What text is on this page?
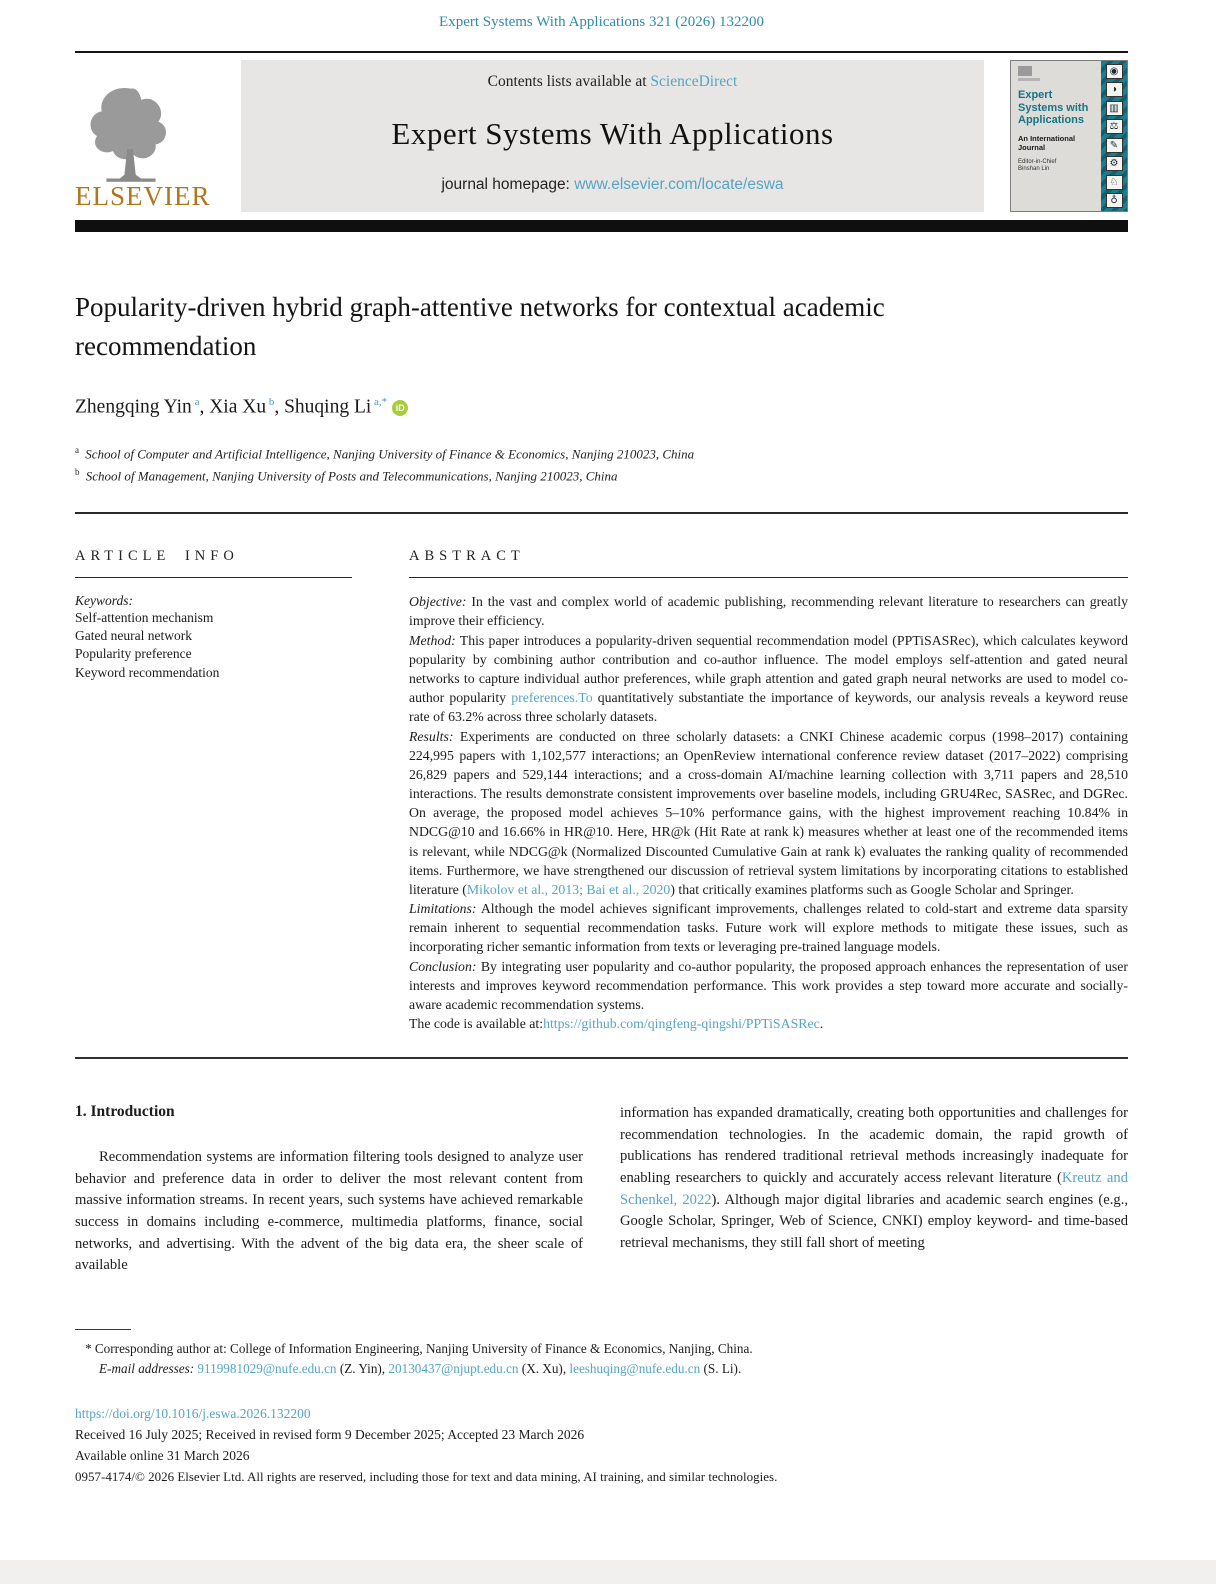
Expert Systems With Applications 321 (2026) 132200
ELSEVIER
Contents lists available at ScienceDirect
Expert Systems With Applications
journal homepage: www.elsevier.com/locate/eswa
Expert Systems with Applications
An International Journal
Editor-in-Chief
Binshan Lin
◉
◑
▥
⚖
✎
⚙
♘
♁
Popularity-driven hybrid graph-attentive networks for contextual academic recommendation
Zhengqing Yin $^a$, Xia Xu $^b$, Shuqing Li $^{a,*}$ iD
$^a$ School of Computer and Artificial Intelligence, Nanjing University of Finance & Economics, Nanjing 210023, China
$^b$ School of Management, Nanjing University of Posts and Telecommunications, Nanjing 210023, China
ARTICLE INFO
Keywords:
Self-attention mechanism
Gated neural network
Popularity preference
Keyword recommendation
ABSTRACT
Objective: In the vast and complex world of academic publishing, recommending relevant literature to researchers can greatly improve their efficiency.
Method: This paper introduces a popularity-driven sequential recommendation model (PPTiSASRec), which calculates keyword popularity by combining author contribution and co-author influence. The model employs self-attention and gated neural networks to capture individual author preferences, while graph attention and gated graph neural networks are used to model co-author popularity preferences.To quantitatively substantiate the importance of keywords, our analysis reveals a keyword reuse rate of 63.2% across three scholarly datasets.
Results: Experiments are conducted on three scholarly datasets: a CNKI Chinese academic corpus (1998–2017) containing 224,995 papers with 1,102,577 interactions; an OpenReview international conference review dataset (2017–2022) comprising 26,829 papers and 529,144 interactions; and a cross-domain AI/machine learning collection with 3,711 papers and 28,510 interactions. The results demonstrate consistent improvements over baseline models, including GRU4Rec, SASRec, and DGRec. On average, the proposed model achieves 5–10% performance gains, with the highest improvement reaching 10.84% in NDCG@10 and 16.66% in HR@10. Here, HR@k (Hit Rate at rank k) measures whether at least one of the recommended items is relevant, while NDCG@k (Normalized Discounted Cumulative Gain at rank k) evaluates the ranking quality of recommended items. Furthermore, we have strengthened our discussion of retrieval system limitations by incorporating citations to established literature (Mikolov et al., 2013; Bai et al., 2020) that critically examines platforms such as Google Scholar and Springer.
Limitations: Although the model achieves significant improvements, challenges related to cold-start and extreme data sparsity remain inherent to sequential recommendation tasks. Future work will explore methods to mitigate these issues, such as incorporating richer semantic information from texts or leveraging pre-trained language models.
Conclusion: By integrating user popularity and co-author popularity, the proposed approach enhances the representation of user interests and improves keyword recommendation performance. This work provides a step toward more accurate and socially-aware academic recommendation systems.
The code is available at:https://github.com/qingfeng-qingshi/PPTiSASRec.
1. Introduction
Recommendation systems are information filtering tools designed to analyze user behavior and preference data in order to deliver the most relevant content from massive information streams. In recent years, such systems have achieved remarkable success in domains including e-commerce, multimedia platforms, finance, social networks, and advertising. With the advent of the big data era, the sheer scale of available
information has expanded dramatically, creating both opportunities and challenges for recommendation technologies. In the academic domain, the rapid growth of publications has rendered traditional retrieval methods increasingly inadequate for enabling researchers to quickly and accurately access relevant literature (Kreutz and Schenkel, 2022). Although major digital libraries and academic search engines (e.g., Google Scholar, Springer, Web of Science, CNKI) employ keyword- and time-based retrieval mechanisms, they still fall short of meeting
* Corresponding author at: College of Information Engineering, Nanjing University of Finance & Economics, Nanjing, China.
E-mail addresses: 9119981029@nufe.edu.cn (Z. Yin), 20130437@njupt.edu.cn (X. Xu), leeshuqing@nufe.edu.cn (S. Li).
https://doi.org/10.1016/j.eswa.2026.132200
Received 16 July 2025; Received in revised form 9 December 2025; Accepted 23 March 2026
Available online 31 March 2026
0957-4174/© 2026 Elsevier Ltd. All rights are reserved, including those for text and data mining, AI training, and similar technologies.
